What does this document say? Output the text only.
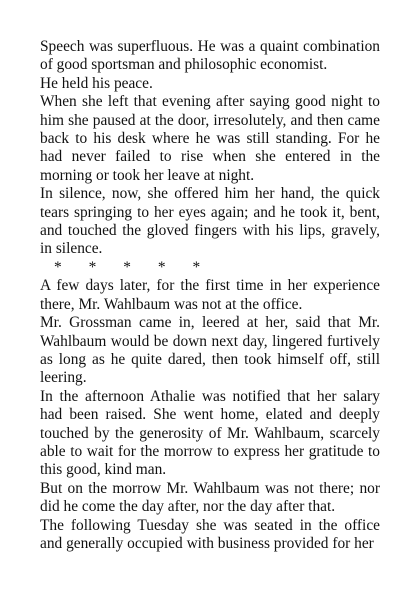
Speech was superfluous. He was a quaint combination of good sportsman and philosophic economist.

He held his peace.

When she left that evening after saying good night to him she paused at the door, irresolutely, and then came back to his desk where he was still standing. For he had never failed to rise when she entered in the morning or took her leave at night.

In silence, now, she offered him her hand, the quick tears springing to her eyes again; and he took it, bent, and touched the gloved fingers with his lips, gravely, in silence.

*       *       *       *       *

A few days later, for the first time in her experience there, Mr. Wahlbaum was not at the office.

Mr. Grossman came in, leered at her, said that Mr. Wahlbaum would be down next day, lingered furtively as long as he quite dared, then took himself off, still leering.

In the afternoon Athalie was notified that her salary had been raised. She went home, elated and deeply touched by the generosity of Mr. Wahlbaum, scarcely able to wait for the morrow to express her gratitude to this good, kind man.

But on the morrow Mr. Wahlbaum was not there; nor did he come the day after, nor the day after that.

The following Tuesday she was seated in the office and generally occupied with business provided for her
